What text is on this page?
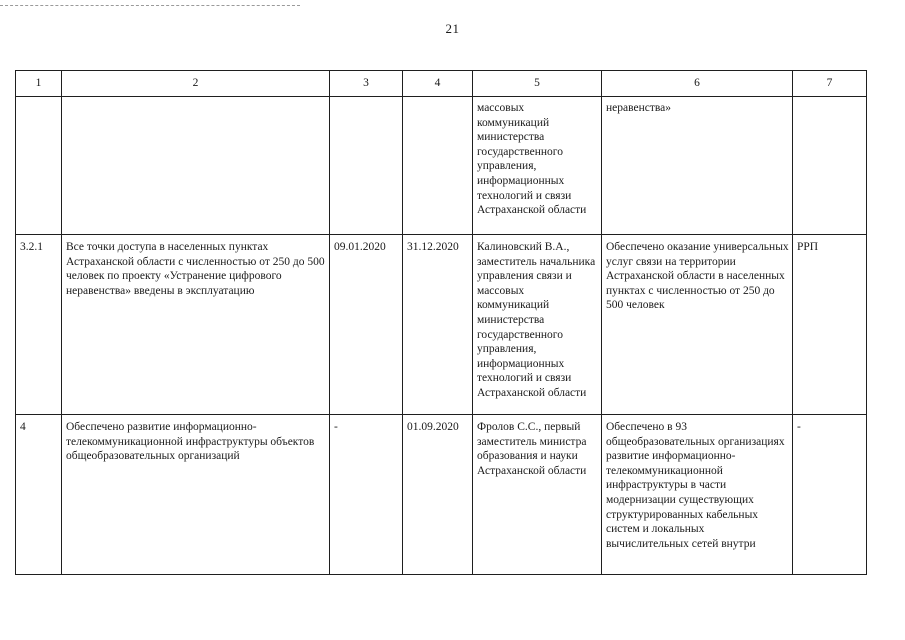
21
1	2	3	4	5	6	7
				массовых коммуникаций министерства государственного управления, информационных технологий и связи Астраханской области	неравенства»	
3.2.1	Все точки доступа в населенных пунктах Астраханской области с численностью от 250 до 500 человек по проекту «Устранение цифрового неравенства» введены в эксплуатацию	09.01.2020	31.12.2020	Калиновский В.А., заместитель начальника управления связи и массовых коммуникаций министерства государственного управления, информационных технологий и связи Астраханской области	Обеспечено оказание универсальных услуг связи на территории Астраханской области в населенных пунктах с численностью от 250 до 500 человек	РРП
4	Обеспечено развитие информационно-телекоммуникационной инфраструктуры объектов общеобразовательных организаций	-	01.09.2020	Фролов С.С., первый заместитель министра образования и науки Астраханской области	Обеспечено в 93 общеобразовательных организациях развитие информационно-телекоммуникационной инфраструктуры в части модернизации существующих структурированных кабельных систем и локальных вычислительных сетей внутри	-
